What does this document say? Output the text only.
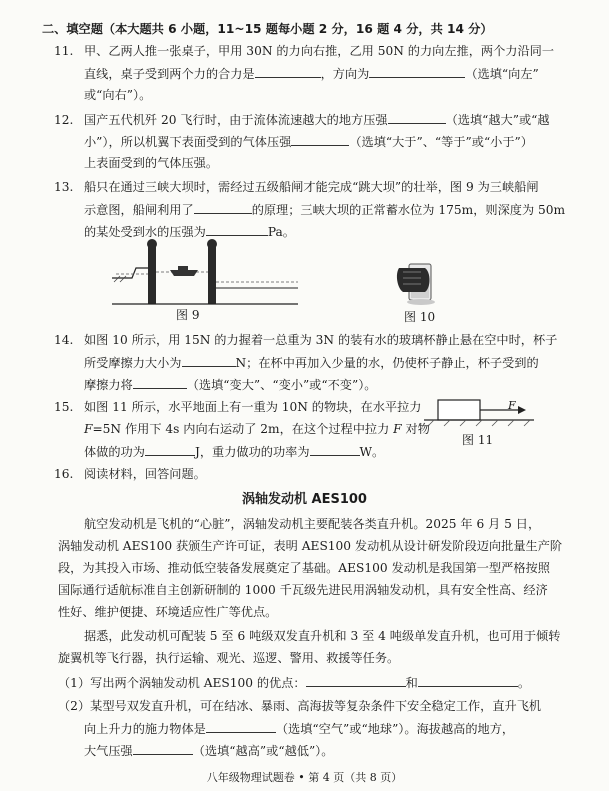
二、填空题（本大题共 6 小题，11~15 题每小题 2 分，16 题 4 分，共 14 分）
11. 甲、乙两人推一张桌子，甲用 30N 的力向右推，乙用 50N 的力向左推，两个力沿同一
直线，桌子受到两个力的合力是	，方向为	（选填“向左”
或“向右”）。
12. 国产五代机歼 20 飞行时，由于流体流速越大的地方压强	（选填“越大”或“越
小”），所以机翼下表面受到的气体压强	（选填“大于”、“等于”或“小于”）
上表面受到的气体压强。
13. 船只在通过三峡大坝时，需经过五级船闸才能完成“跳大坝”的壮举，图 9 为三峡船闸
示意图，船闸利用了	的原理；三峡大坝的正常蓄水位为 175m，则深度为 50m
的某处受到水的压强为	Pa。
图 9	图 10
14. 如图 10 所示，用 15N 的力握着一总重为 3N 的装有水的玻璃杯静止悬在空中时，杯子
所受摩擦力大小为	N；在杯中再加入少量的水，仍使杯子静止，杯子受到的
摩擦力将	（选填“变大”、“变小”或“不变”）。
15. 如图 11 所示，水平地面上有一重为 10N 的物块，在水平拉力
F=5N 作用下 4s 内向右运动了 2m，在这个过程中拉力 F 对物
体做的功为	J，重力做功的功率为	W。
F
图 11
16. 阅读材料，回答问题。
涡轴发动机 AES100
航空发动机是飞机的“心脏”，涡轴发动机主要配装各类直升机。2025 年 6 月 5 日，
涡轴发动机 AES100 获颁生产许可证，表明 AES100 发动机从设计研发阶段迈向批量生产阶
段，为其投入市场、推动低空装备发展奠定了基础。AES100 发动机是我国第一型严格按照
国际通行适航标准自主创新研制的 1000 千瓦级先进民用涡轴发动机，具有安全性高、经济
性好、维护便捷、环境适应性广等优点。
据悉，此发动机可配装 5 至 6 吨级双发直升机和 3 至 4 吨级单发直升机，也可用于倾转
旋翼机等飞行器，执行运输、观光、巡逻、警用、救援等任务。
（1）写出两个涡轴发动机 AES100 的优点：	和	。
（2）某型号双发直升机，可在结冰、暴雨、高海拔等复杂条件下安全稳定工作，直升飞机
向上升力的施力物体是	（选填“空气”或“地球”）。海拔越高的地方，
大气压强	（选填“越高”或“越低”）。
八年级物理试题卷 • 第 4 页（共 8 页）
